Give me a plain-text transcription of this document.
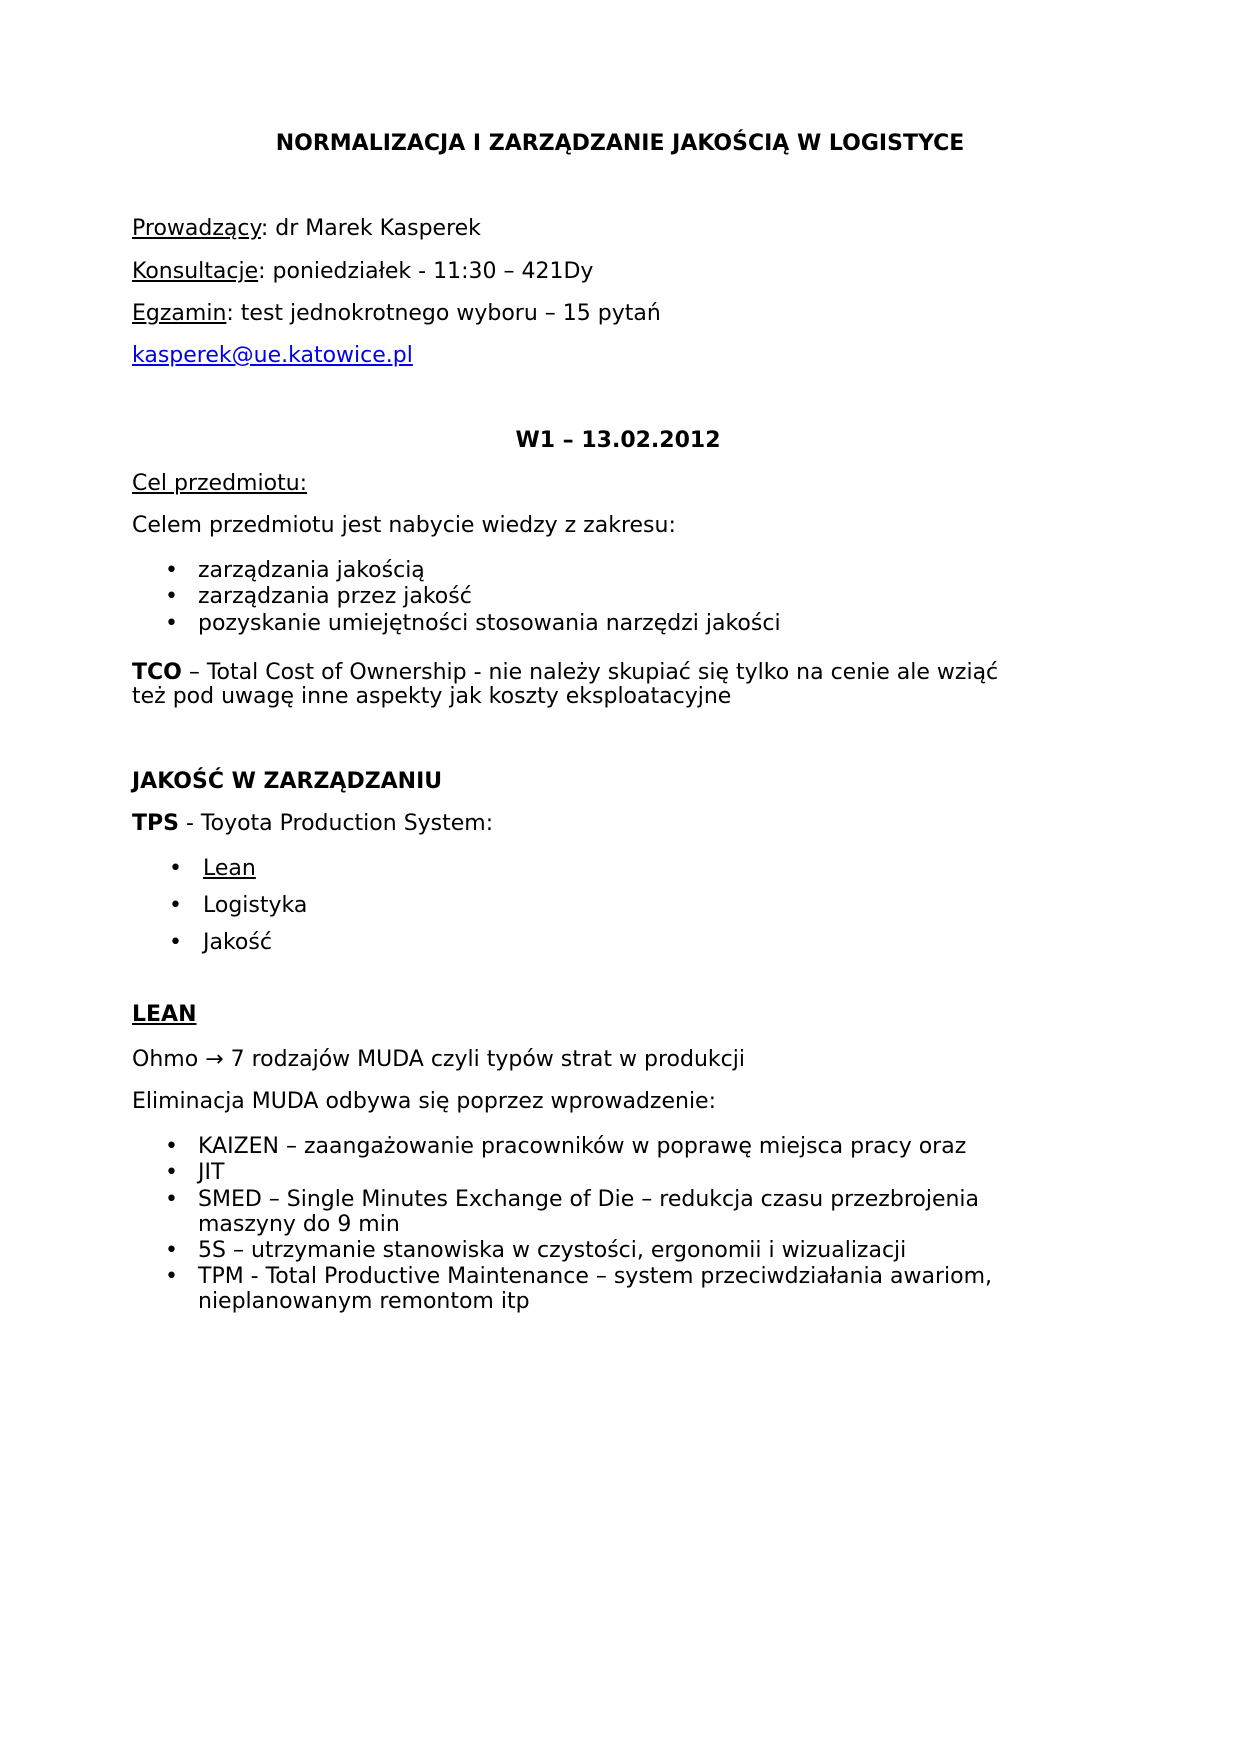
NORMALIZACJA I ZARZĄDZANIE JAKOŚCIĄ W LOGISTYCE
Prowadzący: dr Marek Kasperek
Konsultacje: poniedziałek - 11:30 – 421Dy
Egzamin: test jednokrotnego wyboru – 15 pytań
kasperek@ue.katowice.pl
W1 – 13.02.2012
Cel przedmiotu:
Celem przedmiotu jest nabycie wiedzy z zakresu:
• zarządzania jakością
• zarządzania przez jakość
• pozyskanie umiejętności stosowania narzędzi jakości
TCO – Total Cost of Ownership - nie należy skupiać się tylko na cenie ale wziąć
też pod uwagę inne aspekty jak koszty eksploatacyjne
JAKOŚĆ W ZARZĄDZANIU
TPS - Toyota Production System:
• Lean
• Logistyka
• Jakość
LEAN
Ohmo → 7 rodzajów MUDA czyli typów strat w produkcji
Eliminacja MUDA odbywa się poprzez wprowadzenie:
• KAIZEN – zaangażowanie pracowników w poprawę miejsca pracy oraz
• JIT
• SMED – Single Minutes Exchange of Die – redukcja czasu przezbrojenia
maszyny do 9 min
• 5S – utrzymanie stanowiska w czystości, ergonomii i wizualizacji
• TPM - Total Productive Maintenance – system przeciwdziałania awariom,
nieplanowanym remontom itp
